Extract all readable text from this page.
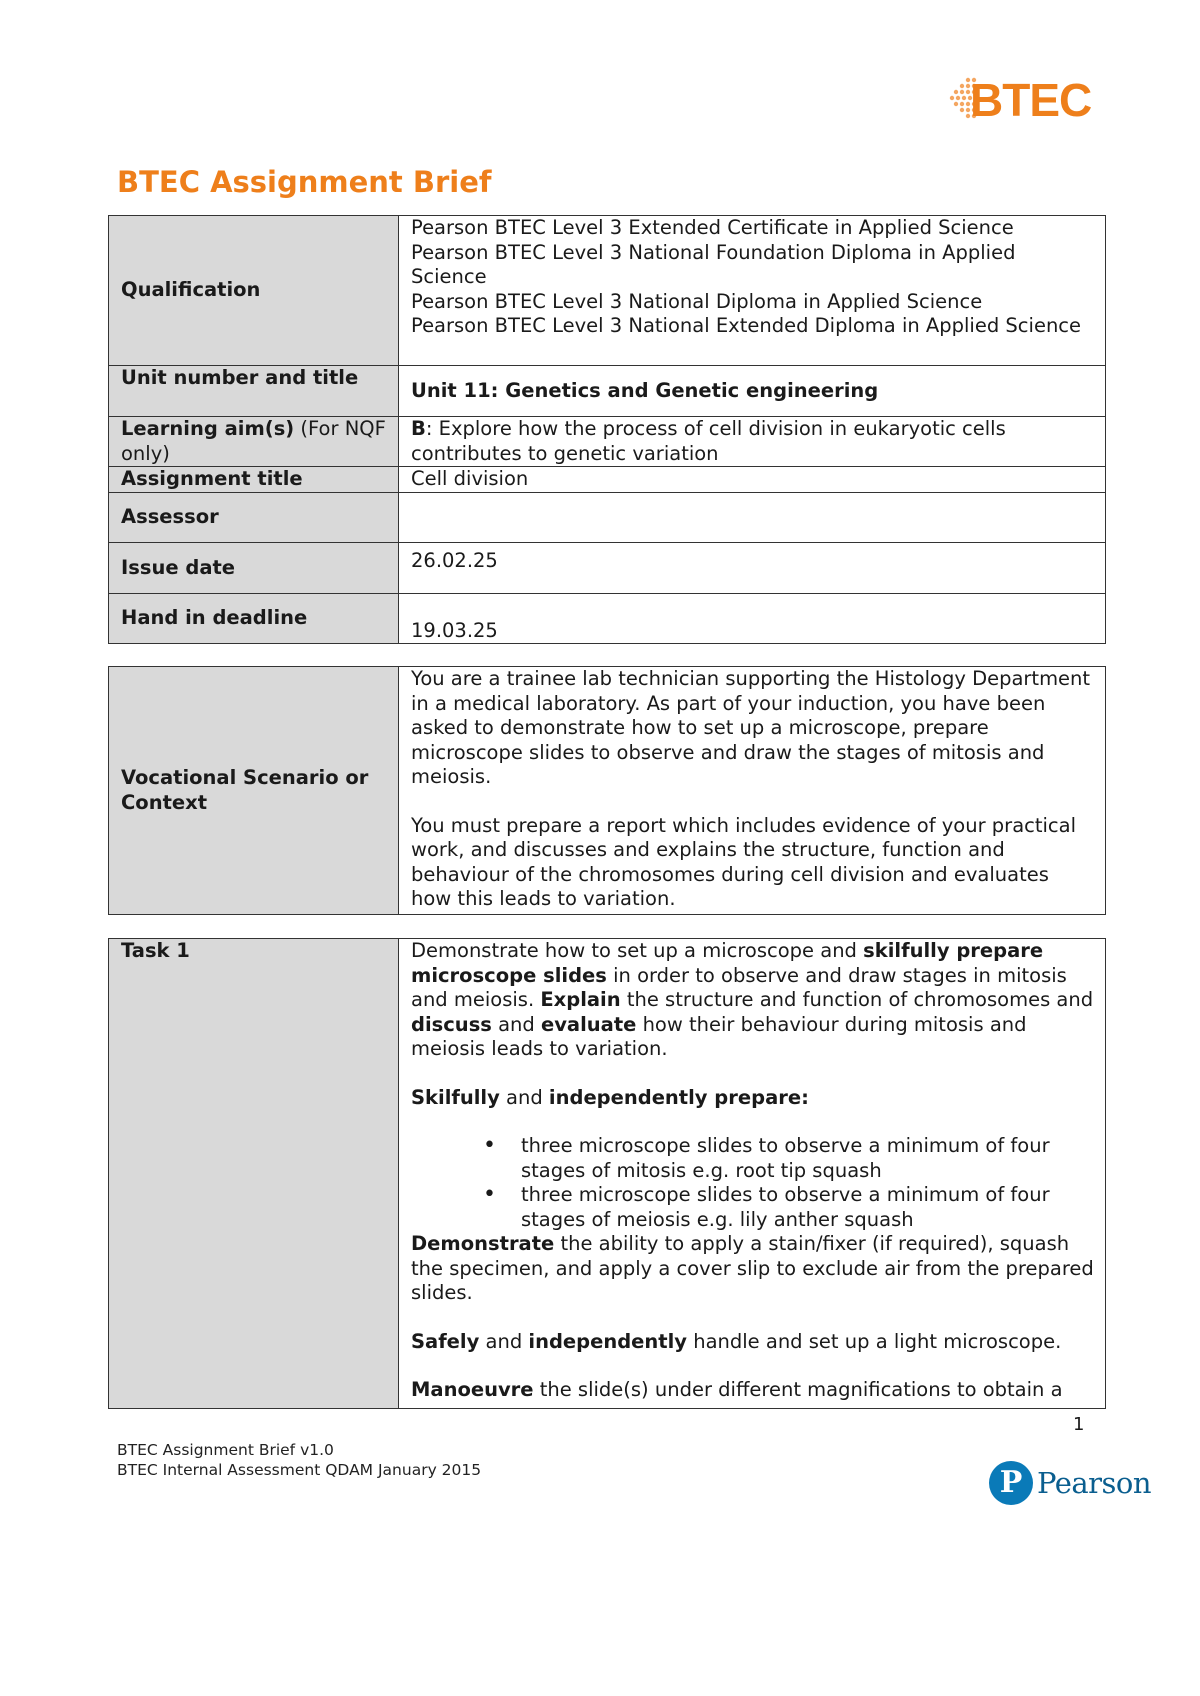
BTEC
BTEC Assignment Brief
Qualification	Pearson BTEC Level 3 Extended Certificate in Applied Science
Pearson BTEC Level 3 National Foundation Diploma in Applied Science
Pearson BTEC Level 3 National Diploma in Applied Science
Pearson BTEC Level 3 National Extended Diploma in Applied Science

Unit number and title	Unit 11: Genetics and Genetic engineering
Learning aim(s) (For NQF only)	B: Explore how the process of cell division in eukaryotic cells contributes to genetic variation
Assignment title	Cell division
Assessor	
Issue date	26.02.25
Hand in deadline	19.03.25
Vocational Scenario or Context	

You are a trainee lab technician supporting the Histology Department in a medical laboratory. As part of your induction, you have been asked to demonstrate how to set up a microscope, prepare microscope slides to observe and draw the stages of mitosis and meiosis.

You must prepare a report which includes evidence of your practical work, and discusses and explains the structure, function and behaviour of the chromosomes during cell division and evaluates how this leads to variation.

Task 1	Demonstrate how to set up a microscope and skilfully prepare microscope slides in order to observe and draw stages in mitosis and meiosis. Explain the structure and function of chromosomes and discuss and evaluate how their behaviour during mitosis and meiosis leads to variation.

Skilfully and independently prepare:

• three microscope slides to observe a minimum of four stages of mitosis e.g. root tip squash
• three microscope slides to observe a minimum of four stages of meiosis e.g. lily anther squash

Demonstrate the ability to apply a stain/fixer (if required), squash the specimen, and apply a cover slip to exclude air from the prepared slides.

Safely and independently handle and set up a light microscope.

Manoeuvre the slide(s) under different magnifications to obtain a

1
BTEC Assignment Brief v1.0
BTEC Internal Assessment QDAM January 2015	P Pearson
